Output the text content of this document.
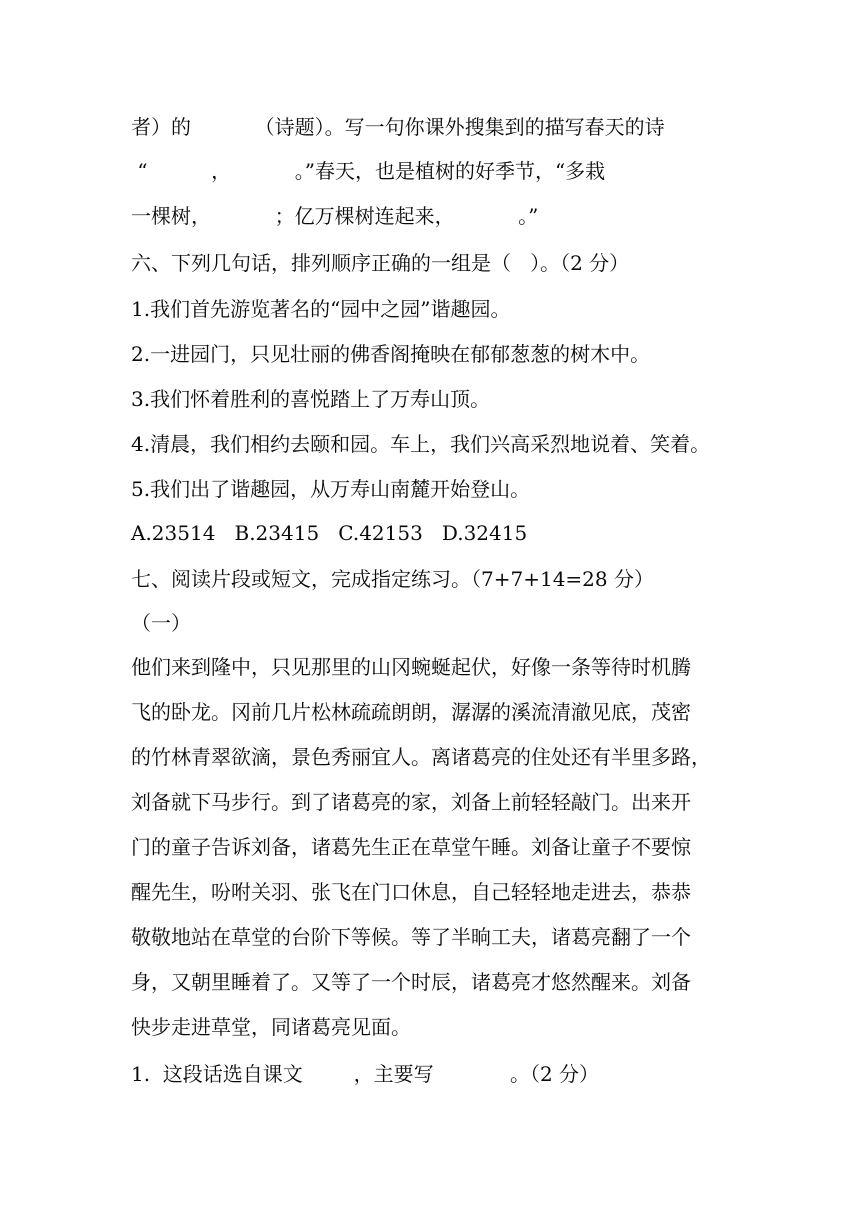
者）的          （诗题）。写一句你课外搜集到的描写春天的诗
“          ，          。”春天，也是植树的好季节，“多栽
一棵树，          ；亿万棵树连起来，          。”
六、下列几句话，排列顺序正确的一组是（   ）。（2 分）
1.我们首先游览著名的“园中之园”谐趣园。
2.一进园门，只见壮丽的佛香阁掩映在郁郁葱葱的树木中。
3.我们怀着胜利的喜悦踏上了万寿山顶。
4.清晨，我们相约去颐和园。车上，我们兴高采烈地说着、笑着。
5.我们出了谐趣园，从万寿山南麓开始登山。
A.23514   B.23415   C.42153   D.32415
七、阅读片段或短文，完成指定练习。（7+7+14=28 分）
（一）
他们来到隆中，只见那里的山冈蜿蜒起伏，好像一条等待时机腾
飞的卧龙。冈前几片松林疏疏朗朗，潺潺的溪流清澈见底，茂密
的竹林青翠欲滴，景色秀丽宜人。离诸葛亮的住处还有半里多路，
刘备就下马步行。到了诸葛亮的家，刘备上前轻轻敲门。出来开
门的童子告诉刘备，诸葛先生正在草堂午睡。刘备让童子不要惊
醒先生，吩咐关羽、张飞在门口休息，自己轻轻地走进去，恭恭
敬敬地站在草堂的台阶下等候。等了半晌工夫，诸葛亮翻了一个
身，又朝里睡着了。又等了一个时辰，诸葛亮才悠然醒来。刘备
快步走进草堂，同诸葛亮见面。
1.  这段话选自课文        ，主要写            。（2 分）
